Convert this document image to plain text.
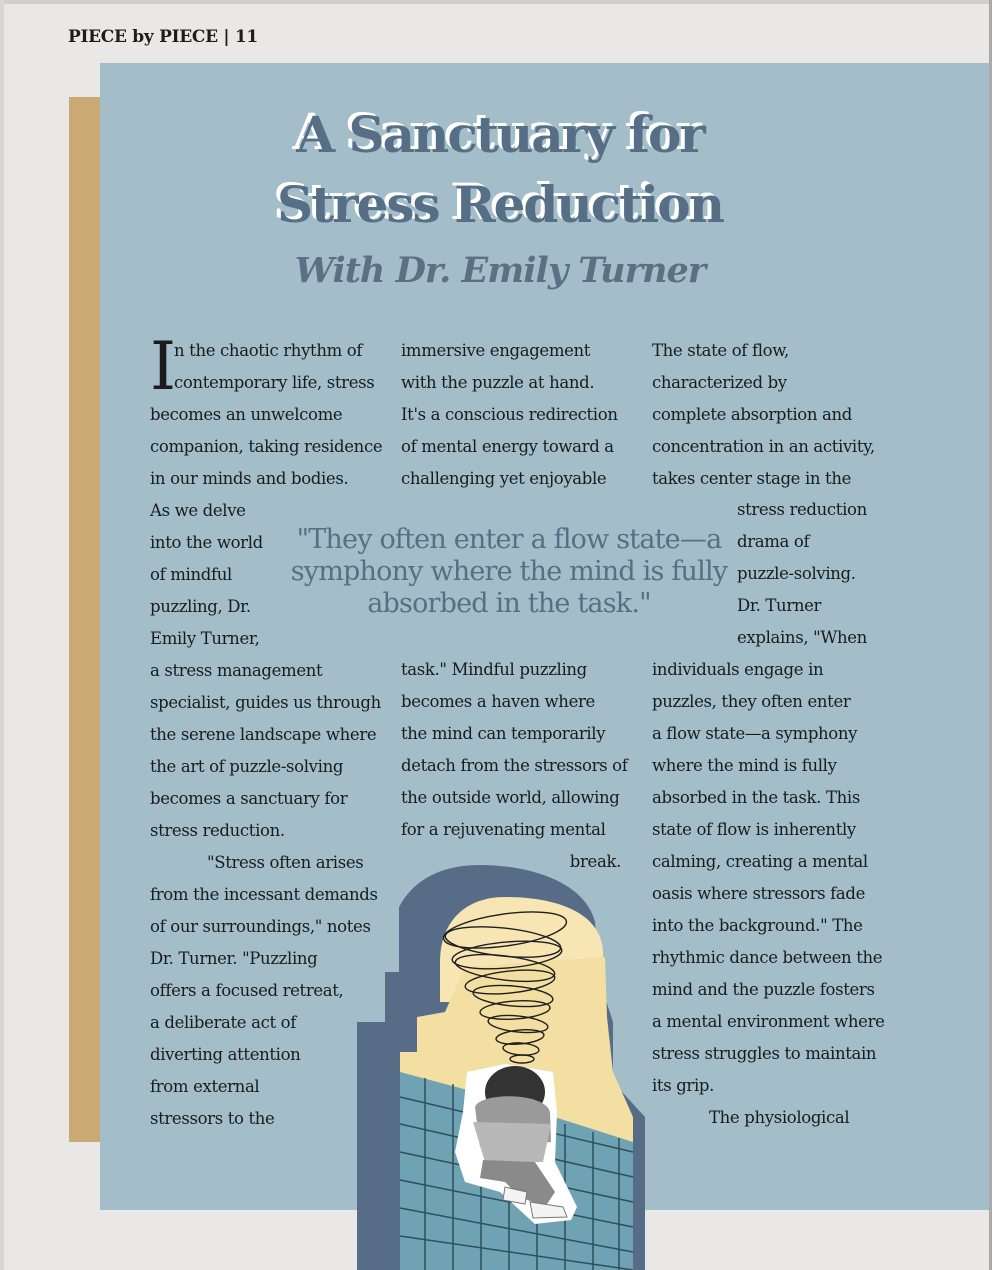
PIECE by PIECE | 11
A Sanctuary for
Stress Reduction
With Dr. Emily Turner
I

n the chaotic rhythm of

contemporary life, stress

becomes an unwelcome

companion, taking residence

in our minds and bodies.

As we delve

into the world

of mindful

puzzling, Dr.

Emily Turner,

a stress management

specialist, guides us through

the serene landscape where

the art of puzzle-solving

becomes a sanctuary for

stress reduction.

"Stress often arises

from the incessant demands

of our surroundings," notes

Dr. Turner. "Puzzling

offers a focused retreat,

a deliberate act of

diverting attention

from external

stressors to the

immersive engagement

with the puzzle at hand.

It's a conscious redirection

of mental energy toward a

challenging yet enjoyable

task." Mindful puzzling

becomes a haven where

the mind can temporarily

detach from the stressors of

the outside world, allowing

for a rejuvenating mental

break.

The state of flow,

characterized by

complete absorption and

concentration in an activity,

takes center stage in the

stress reduction

drama of

puzzle-solving.

Dr. Turner

explains, "When

individuals engage in

puzzles, they often enter

a flow state—a symphony

where the mind is fully

absorbed in the task. This

state of flow is inherently

calming, creating a mental

oasis where stressors fade

into the background." The

rhythmic dance between the

mind and the puzzle fosters

a mental environment where

stress struggles to maintain

its grip.

The physiological

"They often enter a flow state—a symphony where the mind is fully absorbed in the task."
